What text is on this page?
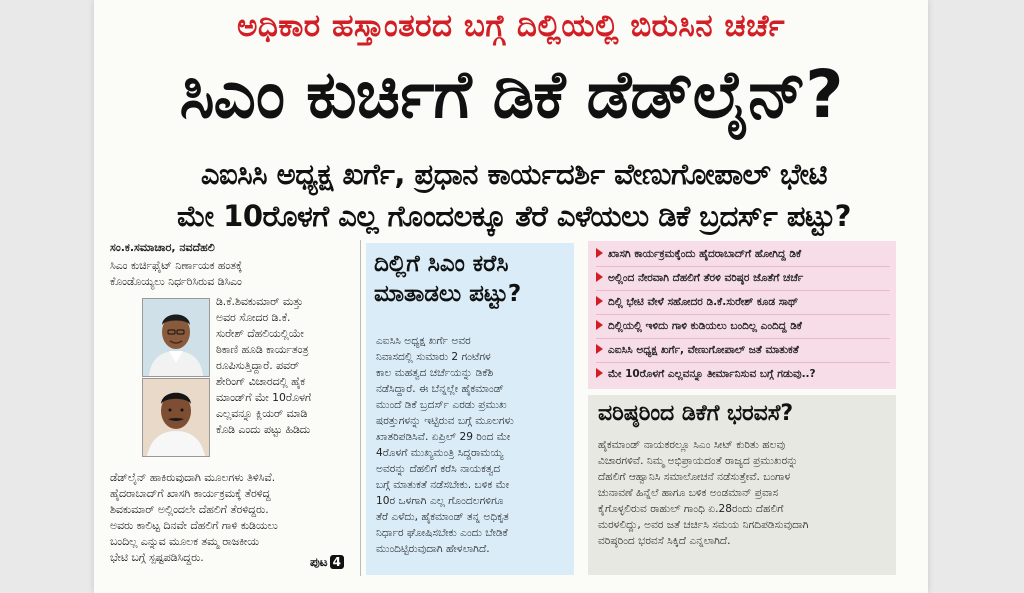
ಅಧಿಕಾರ ಹಸ್ತಾಂತರದ ಬಗ್ಗೆ ದಿಲ್ಲಿಯಲ್ಲಿ ಬಿರುಸಿನ ಚರ್ಚೆ
ಸಿಎಂ ಕುರ್ಚಿಗೆ ಡಿಕೆ ಡೆಡ್‌ಲೈನ್?
ಎಐಸಿಸಿ ಅಧ್ಯಕ್ಷ ಖರ್ಗೆ, ಪ್ರಧಾನ ಕಾರ್ಯದರ್ಶಿ ವೇಣುಗೋಪಾಲ್ ಭೇಟಿ
ಮೇ 10ರೊಳಗೆ ಎಲ್ಲ ಗೊಂದಲಕ್ಕೂ ತೆರೆ ಎಳೆಯಲು ಡಿಕೆ ಬ್ರದರ್ಸ್ ಪಟ್ಟು?
ಸಂ.ಕ.ಸಮಾಚಾರ, ನವದೆಹಲಿ
ಸಿಎಂ ಕುರ್ಚಿಫೈಟ್ ನಿರ್ಣಾಯಕ ಹಂತಕ್ಕೆ
ಕೊಂಡೊಯ್ಯಲು ನಿರ್ಧರಿಸಿರುವ ಡಿಸಿಎಂ
ಡಿ.ಕೆ.ಶಿವಕುಮಾರ್ ಮತ್ತು
ಅವರ ಸೋದರ ಡಿ.ಕೆ.
ಸುರೇಶ್ ದೆಹಲಿಯಲ್ಲಿಯೇ
ಠಿಕಾಣಿ ಹೂಡಿ ಕಾರ್ಯತಂತ್ರ
ರೂಪಿಸುತ್ತಿದ್ದಾರೆ. ಪವರ್
ಶೇರಿಂಗ್ ವಿಚಾರದಲ್ಲಿ ಹೈಕ
ಮಾಂಡ್‌ಗೆ ಮೇ 10ರೊಳಗೆ
ಎಲ್ಲವನ್ನೂ ಕ್ಲಿಯರ್ ಮಾಡಿ
ಕೊಡಿ ಎಂದು ಪಟ್ಟು ಹಿಡಿದು
ಡೆಡ್‌ಲೈನ್ ಹಾಕಿರುವುದಾಗಿ ಮೂಲಗಳು ತಿಳಿಸಿವೆ.
ಹೈದರಾಬಾದ್‌ಗೆ ಖಾಸಗಿ ಕಾರ್ಯಕ್ರಮಕ್ಕೆ ತೆರಳಿದ್ದ
ಶಿವಕುಮಾರ್ ಅಲ್ಲಿಂದಲೇ ದೆಹಲಿಗೆ ತೆರಳಿದ್ದರು.
ಅವರು ಕಾಲಿಟ್ಟ ದಿನವೇ ದೆಹಲಿಗೆ ಗಾಳಿ ಕುಡಿಯಲು
ಬಂದಿಲ್ಲ ಎನ್ನುವ ಮೂಲಕ ತಮ್ಮ ರಾಜಕೀಯ
ಭೇಟಿ ಬಗ್ಗೆ ಸ್ಪಷ್ಟಪಡಿಸಿದ್ದರು.	ಪುಟ 4
ದಿಲ್ಲಿಗೆ ಸಿಎಂ ಕರೆಸಿ
ಮಾತಾಡಲು ಪಟ್ಟು?
ಎಐಸಿಸಿ ಅಧ್ಯಕ್ಷ ಖರ್ಗೆ ಅವರ
ನಿವಾಸದಲ್ಲಿ ಸುಮಾರು 2 ಗಂಟೆಗಳ
ಕಾಲ ಮಹತ್ವದ ಚರ್ಚೆಯನ್ನು ಡಿಕೆಶಿ
ನಡೆಸಿದ್ದಾರೆ. ಈ ಬೆನ್ನಲ್ಲೇ ಹೈಕಮಾಂಡ್
ಮುಂದೆ ಡಿಕೆ ಬ್ರದರ್ಸ್ ಎರಡು ಪ್ರಮುಖ
ಷರತ್ತುಗಳನ್ನು ಇಟ್ಟಿರುವ ಬಗ್ಗೆ ಮೂಲಗಳು
ಖಾತರಿಪಡಿಸಿವೆ. ಏಪ್ರಿಲ್ 29 ರಿಂದ ಮೇ
4ರೊಳಗೆ ಮುಖ್ಯಮಂತ್ರಿ ಸಿದ್ದರಾಮಯ್ಯ
ಅವರನ್ನು ದೆಹಲಿಗೆ ಕರೆಸಿ ನಾಯಕತ್ವದ
ಬಗ್ಗೆ ಮಾತುಕತೆ ನಡೆಸಬೇಕು. ಬಳಿಕ ಮೇ
10ರ ಒಳಗಾಗಿ ಎಲ್ಲ ಗೊಂದಲಗಳಿಗೂ
ತೆರೆ ಎಳೆದು, ಹೈಕಮಾಂಡ್ ತನ್ನ ಅಧಿಕೃತ
ನಿರ್ಧಾರ ಘೋಷಿಸಬೇಕು ಎಂದು ಬೇಡಿಕೆ
ಮುಂದಿಟ್ಟಿರುವುದಾಗಿ ಹೇಳಲಾಗಿದೆ.
ಖಾಸಗಿ ಕಾರ್ಯಕ್ರಮಕ್ಕೆಂದು ಹೈದರಾಬಾದ್‌ಗೆ ಹೋಗಿದ್ದ ಡಿಕೆ
ಅಲ್ಲಿಂದ ನೇರವಾಗಿ ದೆಹಲಿಗೆ ತೆರಳಿ ವರಿಷ್ಠರ ಜೊತೆಗೆ ಚರ್ಚೆ
ದಿಲ್ಲಿ ಭೇಟಿ ವೇಳೆ ಸಹೋದರ ಡಿ.ಕೆ.ಸುರೇಶ್ ಕೂಡ ಸಾಥ್
ದಿಲ್ಲಿಯಲ್ಲಿ ಇಳಿದು ಗಾಳಿ ಕುಡಿಯಲು ಬಂದಿಲ್ಲ ಎಂದಿದ್ದ ಡಿಕೆ
ಎಐಸಿಸಿ ಅಧ್ಯಕ್ಷ ಖರ್ಗೆ, ವೇಣುಗೋಪಾಲ್ ಜತೆ ಮಾತುಕತೆ
ಮೇ 10ರೊಳಗೆ ಎಲ್ಲವನ್ನೂ ತೀರ್ಮಾನಿಸುವ ಬಗ್ಗೆ ಗಡುವು..?
ವರಿಷ್ಠರಿಂದ ಡಿಕೆಗೆ ಭರವಸೆ?
ಹೈಕಮಾಂಡ್ ನಾಯಕರಲ್ಲೂ ಸಿಎಂ ಸೀಟ್ ಕುರಿತು ಹಲವು
ವಿಚಾರಗಳಿವೆ. ನಿಮ್ಮ ಅಭಿಪ್ರಾಯದಂತೆ ರಾಜ್ಯದ ಪ್ರಮುಖರನ್ನು
ದೆಹಲಿಗೆ ಆಹ್ವಾನಿಸಿ ಸಮಾಲೋಚನೆ ನಡೆಸುತ್ತೇವೆ. ಬಂಗಾಳ
ಚುನಾವಣೆ ಹಿನ್ನೆಲೆ ಹಾಗೂ ಬಳಿಕ ಅಂಡಮಾನ್ ಪ್ರವಾಸ
ಕೈಗೊಳ್ಳಲಿರುವ ರಾಹುಲ್ ಗಾಂಧಿ ಏ.28ರಂದು ದೆಹಲಿಗೆ
ಮರಳಲಿದ್ದು, ಅವರ ಜತೆ ಚರ್ಚಿಸಿ ಸಮಯ ನಿಗದಿಪಡಿಸುವುದಾಗಿ
ವರಿಷ್ಠರಿಂದ ಭರವಸೆ ಸಿಕ್ಕಿದೆ ಎನ್ನಲಾಗಿದೆ.
